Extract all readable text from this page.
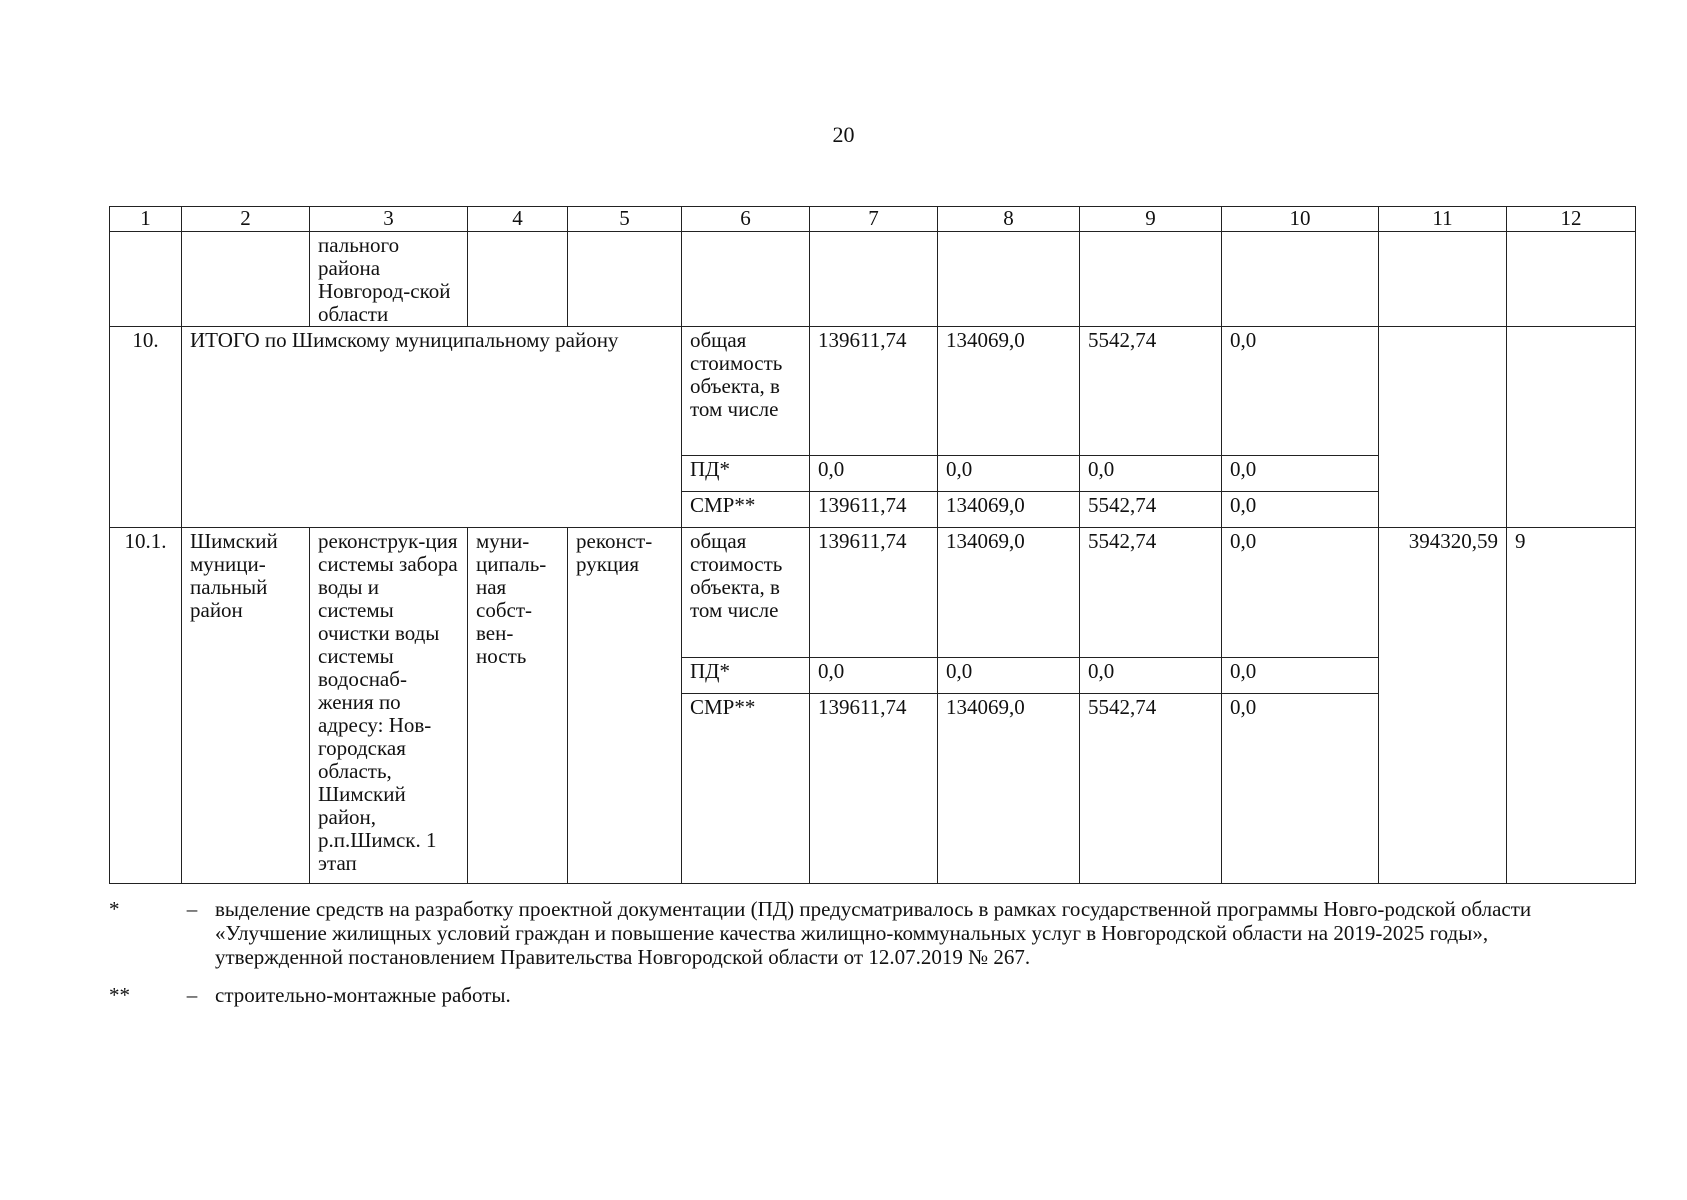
20
1	2	3	4	5	6	7	8	9	10	11	12
		пального района Новгород-ской области									
10.	ИТОГО по Шимскому муниципальному району				общая стоимость объекта, в том числе	139611,74	134069,0	5542,74	0,0		
					ПД*	0,0	0,0	0,0	0,0		
					СМР**	139611,74	134069,0	5542,74	0,0		
10.1.	Шимский муници-пальный район	реконструк-ция системы забора воды и системы очистки воды системы водоснаб-жения по адресу: Нов-городская область, Шимский район, р.п.Шимск. 1 этап	муни-ципаль-ная собст-вен-ность	реконст-рукция	общая стоимость объекта, в том числе	139611,74	134069,0	5542,74	0,0	394320,59	9
					ПД*	0,0	0,0	0,0	0,0		
					СМР**	139611,74	134069,0	5542,74	0,0		
*	– выделение средств на разработку проектной документации (ПД) предусматривалось в рамках государственной программы Новго-родской области «Улучшение жилищных условий граждан и повышение качества жилищно-коммунальных услуг в Новгородской области на 2019-2025 годы», утвержденной постановлением Правительства Новгородской области от 12.07.2019 № 267.
**	– строительно-монтажные работы.
